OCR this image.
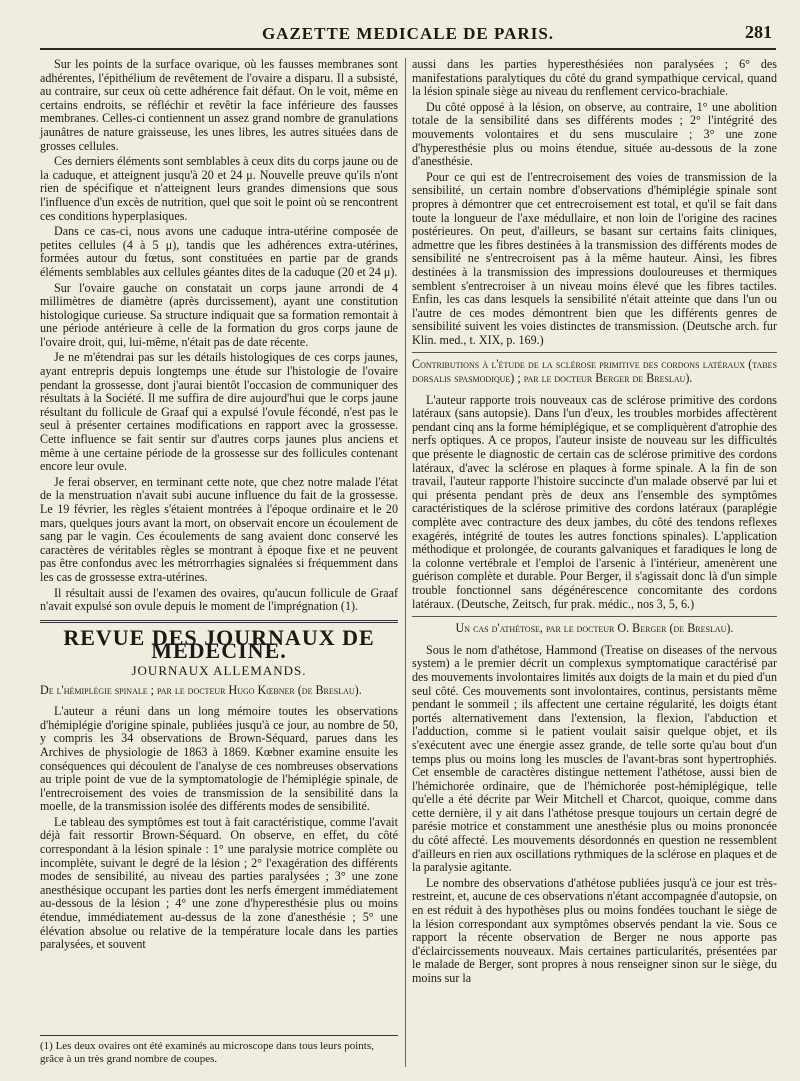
GAZETTE MEDICALE DE PARIS.	281

Sur les points de la surface ovarique, où les fausses membranes sont adhérentes, l'épithélium de revêtement de l'ovaire a disparu. Il a subsisté, au contraire, sur ceux où cette adhérence fait défaut. On le voit, même en certains endroits, se réfléchir et revêtir la face inférieure des fausses membranes. Celles-ci contiennent un assez grand nombre de granulations jaunâtres de nature graisseuse, les unes libres, les autres situées dans de grosses cellules.

Ces derniers éléments sont semblables à ceux dits du corps jaune ou de la caduque, et atteignent jusqu'à 20 et 24 μ. Nouvelle preuve qu'ils n'ont rien de spécifique et n'atteignent leurs grandes dimensions que sous l'influence d'un excès de nutrition, quel que soit le point où se rencontrent ces conditions hyperplasiques.

Dans ce cas-ci, nous avons une caduque intra-utérine composée de petites cellules (4 à 5 μ), tandis que les adhérences extra-utérines, formées autour du fœtus, sont constituées en partie par de grands éléments semblables aux cellules géantes dites de la caduque (20 et 24 μ).

Sur l'ovaire gauche on constatait un corps jaune arrondi de 4 millimètres de diamètre (après durcissement), ayant une constitution histologique curieuse. Sa structure indiquait que sa formation remontait à une période antérieure à celle de la formation du gros corps jaune de l'ovaire droit, qui, lui-même, n'était pas de date récente.

Je ne m'étendrai pas sur les détails histologiques de ces corps jaunes, ayant entrepris depuis longtemps une étude sur l'histologie de l'ovaire pendant la grossesse, dont j'aurai bientôt l'occasion de communiquer des résultats à la Société. Il me suffira de dire aujourd'hui que le corps jaune résultant du follicule de Graaf qui a expulsé l'ovule fécondé, n'est pas le seul à présenter certaines modifications en rapport avec la grossesse. Cette influence se fait sentir sur d'autres corps jaunes plus anciens et même à une certaine période de la grossesse sur des follicules contenant encore leur ovule.

Je ferai observer, en terminant cette note, que chez notre malade l'état de la menstruation n'avait subi aucune influence du fait de la grossesse. Le 19 février, les règles s'étaient montrées à l'époque ordinaire et le 20 mars, quelques jours avant la mort, on observait encore un écoulement de sang par le vagin. Ces écoulements de sang avaient donc conservé les caractères de véritables règles se montrant à époque fixe et ne peuvent pas être confondus avec les métrorrhagies signalées si fréquemment dans les cas de grossesse extra-utérines.

Il résultait aussi de l'examen des ovaires, qu'aucun follicule de Graaf n'avait expulsé son ovule depuis le moment de l'imprégnation (1).

REVUE DES JOURNAUX DE MEDECINE.
JOURNAUX ALLEMANDS.

De l'hémiplégie spinale ; par le docteur Hugo Kœbner (de Breslau).

L'auteur a réuni dans un long mémoire toutes les observations d'hémiplégie d'origine spinale, publiées jusqu'à ce jour, au nombre de 50, y compris les 34 observations de Brown-Séquard, parues dans les Archives de physiologie de 1863 à 1869. Kœbner examine ensuite les conséquences qui découlent de l'analyse de ces nombreuses observations au triple point de vue de la symptomatologie de l'hémiplégie spinale, de l'entrecroisement des voies de transmission de la sensibilité dans la moelle, de la transmission isolée des différents modes de sensibilité.

Le tableau des symptômes est tout à fait caractéristique, comme l'avait déjà fait ressortir Brown-Séquard. On observe, en effet, du côté correspondant à la lésion spinale : 1° une paralysie motrice complète ou incomplète, suivant le degré de la lésion ; 2° l'exagération des différents modes de sensibilité, au niveau des parties paralysées ; 3° une zone anesthésique occupant les parties dont les nerfs émergent immédiatement au-dessous de la lésion ; 4° une zone d'hyperesthésie plus ou moins étendue, immédiatement au-dessus de la zone d'anesthésie ; 5° une élévation absolue ou relative de la température locale dans les parties paralysées, et souvent

(1) Les deux ovaires ont été examinés au microscope dans tous leurs points, grâce à un très grand nombre de coupes.

aussi dans les parties hyperesthésiées non paralysées ; 6° des manifestations paralytiques du côté du grand sympathique cervical, quand la lésion spinale siège au niveau du renflement cervico-brachiale.

Du côté opposé à la lésion, on observe, au contraire, 1° une abolition totale de la sensibilité dans ses différents modes ; 2° l'intégrité des mouvements volontaires et du sens musculaire ; 3° une zone d'hyperesthésie plus ou moins étendue, située au-dessous de la zone d'anesthésie.

Pour ce qui est de l'entrecroisement des voies de transmission de la sensibilité, un certain nombre d'observations d'hémiplégie spinale sont propres à démontrer que cet entrecroisement est total, et qu'il se fait dans toute la longueur de l'axe médullaire, et non loin de l'origine des racines postérieures. On peut, d'ailleurs, se basant sur certains faits cliniques, admettre que les fibres destinées à la transmission des différents modes de sensibilité ne s'entrecroisent pas à la même hauteur. Ainsi, les fibres destinées à la transmission des impressions douloureuses et thermiques semblent s'entrecroiser à un niveau moins élevé que les fibres tactiles. Enfin, les cas dans lesquels la sensibilité n'était atteinte que dans l'un ou l'autre de ces modes démontrent bien que les différents genres de sensibilité suivent les voies distinctes de transmission. (Deutsche arch. fur Klin. med., t. XIX, p. 169.)

Contributions à l'étude de la sclérose primitive des cordons latéraux (tabes dorsalis spasmodique) ; par le docteur Berger de Breslau).

L'auteur rapporte trois nouveaux cas de sclérose primitive des cordons latéraux (sans autopsie). Dans l'un d'eux, les troubles morbides affectèrent pendant cinq ans la forme hémiplégique, et se compliquèrent d'atrophie des nerfs optiques. A ce propos, l'auteur insiste de nouveau sur les difficultés que présente le diagnostic de certain cas de sclérose primitive des cordons latéraux, d'avec la sclérose en plaques à forme spinale. A la fin de son travail, l'auteur rapporte l'histoire succincte d'un malade observé par lui et qui présenta pendant près de deux ans l'ensemble des symptômes caractéristiques de la sclérose primitive des cordons latéraux (paraplégie complète avec contracture des deux jambes, du côté des tendons reflexes exagérés, intégrité de toutes les autres fonctions spinales). L'application méthodique et prolongée, de courants galvaniques et faradiques le long de la colonne vertébrale et l'emploi de l'arsenic à l'intérieur, amenèrent une guérison complète et durable. Pour Berger, il s'agissait donc là d'un simple trouble fonctionnel sans dégénérescence concomitante des cordons latéraux. (Deutsche, Zeitsch, fur prak. médic., nos 3, 5, 6.)

Un cas d'athétose, par le docteur O. Berger (de Breslau).

Sous le nom d'athétose, Hammond (Treatise on diseases of the nervous system) a le premier décrit un complexus symptomatique caractérisé par des mouvements involontaires limités aux doigts de la main et du pied d'un seul côté. Ces mouvements sont involontaires, continus, persistants même pendant le sommeil ; ils affectent une certaine régularité, les doigts étant portés alternativement dans l'extension, la flexion, l'abduction et l'adduction, comme si le patient voulait saisir quelque objet, et ils s'exécutent avec une énergie assez grande, de telle sorte qu'au bout d'un temps plus ou moins long les muscles de l'avant-bras sont hypertrophiés. Cet ensemble de caractères distingue nettement l'athétose, aussi bien de l'hémichorée ordinaire, que de l'hémichorée post-hémiplégique, telle qu'elle a été décrite par Weir Mitchell et Charcot, quoique, comme dans cette dernière, il y ait dans l'athétose presque toujours un certain degré de parésie motrice et constamment une anesthésie plus ou moins prononcée du côté affecté. Les mouvements désordonnés en question ne ressemblent d'ailleurs en rien aux oscillations rythmiques de la sclérose en plaques et de la paralysie agitante.

Le nombre des observations d'athétose publiées jusqu'à ce jour est très-restreint, et, aucune de ces observations n'étant accompagnée d'autopsie, on en est réduit à des hypothèses plus ou moins fondées touchant le siège de la lésion correspondant aux symptômes observés pendant la vie. Sous ce rapport la récente observation de Berger ne nous apporte pas d'éclaircissements nouveaux. Mais certaines particularités, présentées par le malade de Berger, sont propres à nous renseigner sinon sur le siège, du moins sur la
